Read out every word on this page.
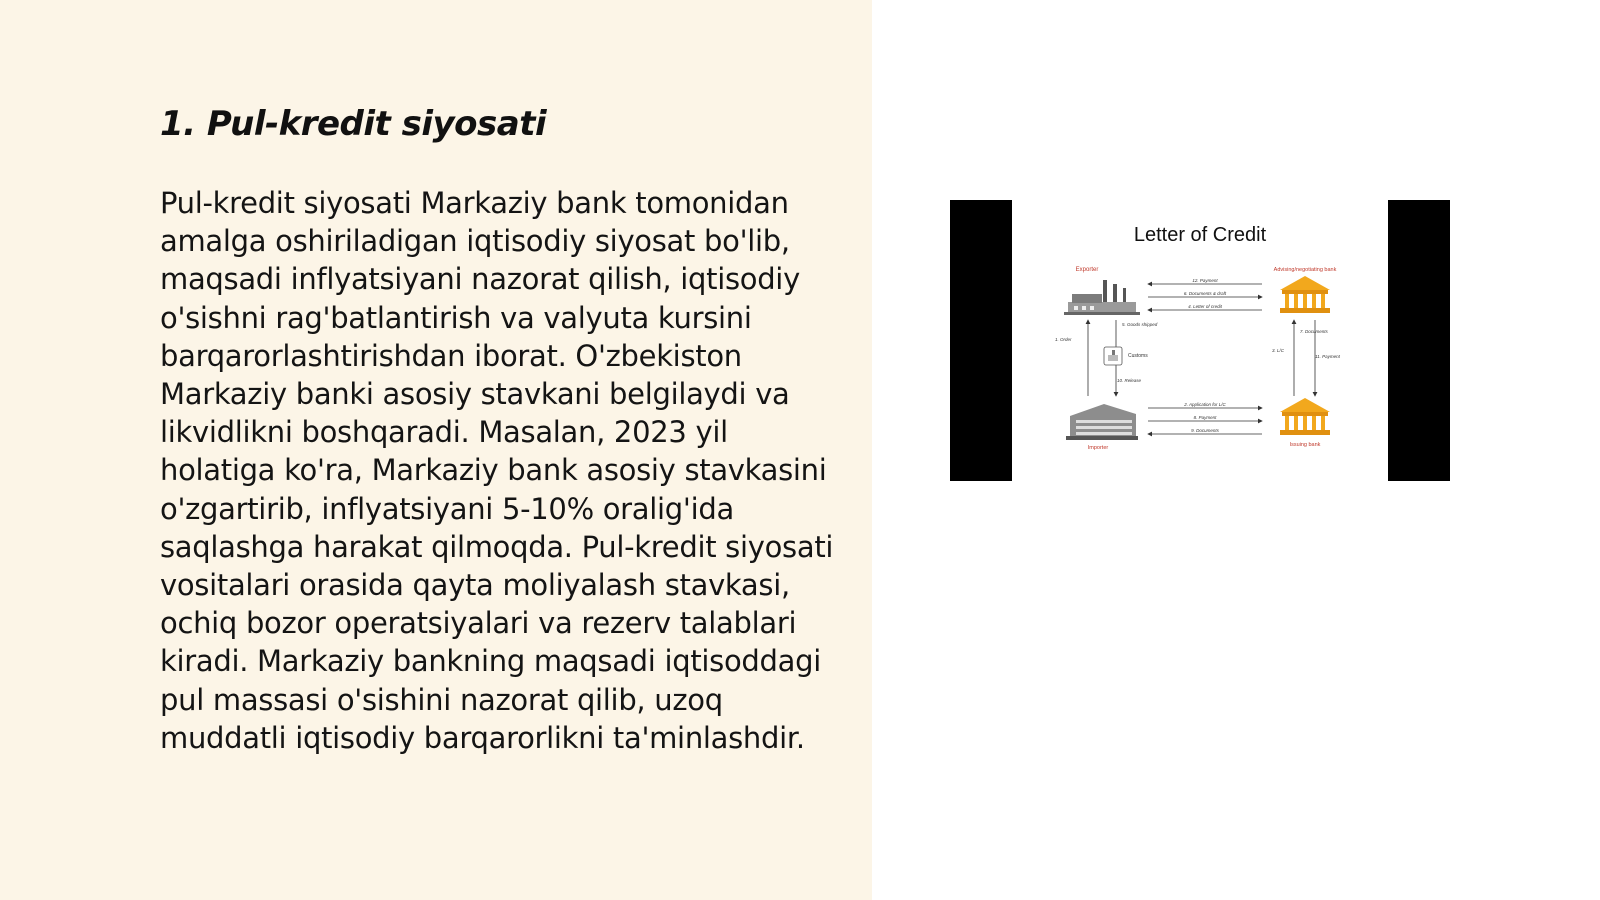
1. Pul-kredit siyosati

Pul-kredit siyosati Markaziy bank tomonidan amalga oshiriladigan iqtisodiy siyosat bo'lib, maqsadi inflyatsiyani nazorat qilish, iqtisodiy o'sishni rag'batlantirish va valyuta kursini barqarorlashtirishdan iborat. O'zbekiston Markaziy banki asosiy stavkani belgilaydi va likvidlikni boshqaradi. Masalan, 2023 yil holatiga ko'ra, Markaziy bank asosiy stavkasini o'zgartirib, inflyatsiyani 5-10% oralig'ida saqlashga harakat qilmoqda. Pul-kredit siyosati vositalari orasida qayta moliyalash stavkasi, ochiq bozor operatsiyalari va rezerv talablari kiradi. Markaziy bankning maqsadi iqtisoddagi pul massasi o'sishini nazorat qilib, uzoq muddatli iqtisodiy barqarorlikni ta'minlashdir.

Letter of Credit
Exporter	Advising/negotiating bank
12. Payment
6. Documents & draft
4. Letter of credit
5. Goods shipped
1. Order
10. Release
Customs
7. Documents
3. L/C
11. Payment
Importer	Issuing bank
2. Application for L/C
8. Payment
9. Documents
